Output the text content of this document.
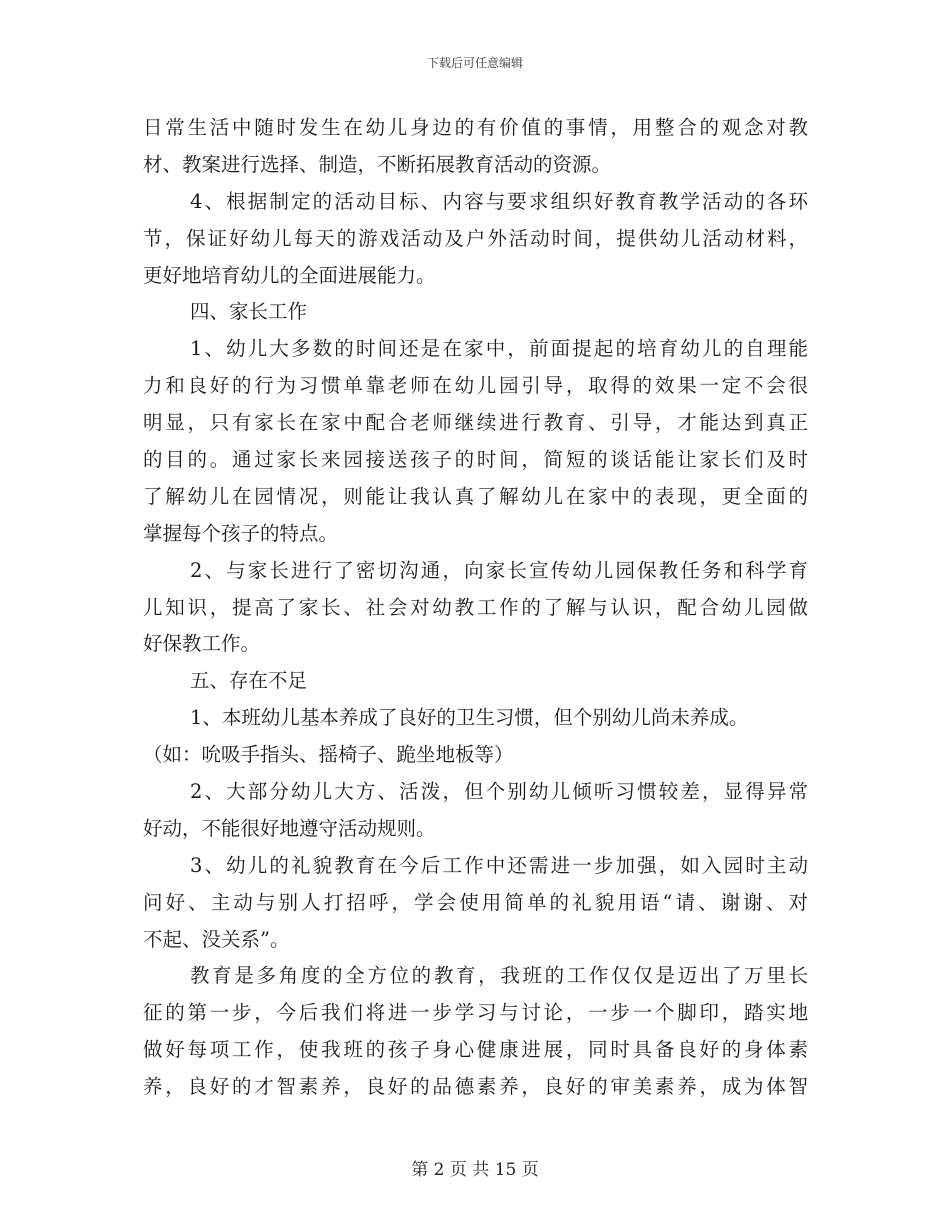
下载后可任意编辑
日常生活中随时发生在幼儿身边的有价值的事情，用整合的观念对教
材、教案进行选择、制造，不断拓展教育活动的资源。
4、根据制定的活动目标、内容与要求组织好教育教学活动的各环
节，保证好幼儿每天的游戏活动及户外活动时间，提供幼儿活动材料，
更好地培育幼儿的全面进展能力。
四、家长工作
1、幼儿大多数的时间还是在家中，前面提起的培育幼儿的自理能
力和良好的行为习惯单靠老师在幼儿园引导，取得的效果一定不会很
明显，只有家长在家中配合老师继续进行教育、引导，才能达到真正
的目的。通过家长来园接送孩子的时间，简短的谈话能让家长们及时
了解幼儿在园情况，则能让我认真了解幼儿在家中的表现，更全面的
掌握每个孩子的特点。
2、与家长进行了密切沟通，向家长宣传幼儿园保教任务和科学育
儿知识，提高了家长、社会对幼教工作的了解与认识，配合幼儿园做
好保教工作。
五、存在不足
1、本班幼儿基本养成了良好的卫生习惯，但个别幼儿尚未养成。
（如：吮吸手指头、摇椅子、跪坐地板等）
2、大部分幼儿大方、活泼，但个别幼儿倾听习惯较差，显得异常
好动，不能很好地遵守活动规则。
3、幼儿的礼貌教育在今后工作中还需进一步加强，如入园时主动
问好、主动与别人打招呼，学会使用简单的礼貌用语“请、谢谢、对
不起、没关系”。
教育是多角度的全方位的教育，我班的工作仅仅是迈出了万里长
征的第一步，今后我们将进一步学习与讨论，一步一个脚印，踏实地
做好每项工作，使我班的孩子身心健康进展，同时具备良好的身体素
养，良好的才智素养，良好的品德素养，良好的审美素养，成为体智
第 2 页 共 15 页
